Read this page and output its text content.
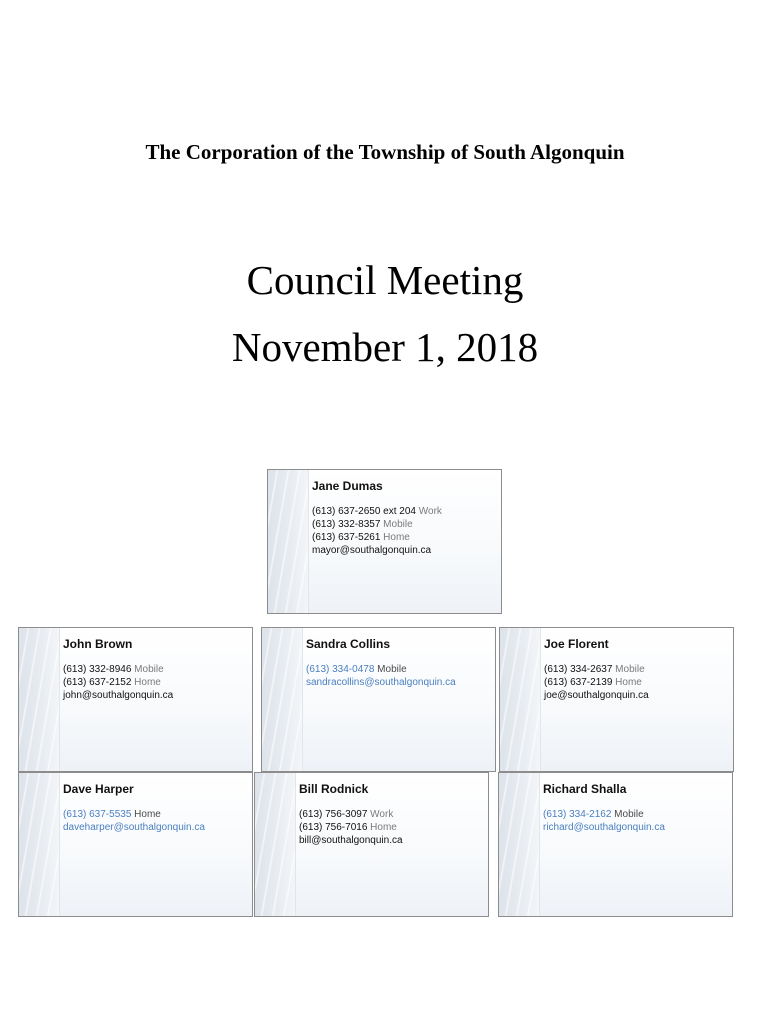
The Corporation of the Township of South Algonquin
Council Meeting
November 1, 2018
Jane Dumas
(613) 637-2650 ext 204 Work
(613) 332-8357 Mobile
(613) 637-5261 Home
mayor@southalgonquin.ca
John Brown
(613) 332-8946 Mobile
(613) 637-2152 Home
john@southalgonquin.ca
Sandra Collins
(613) 334-0478 Mobile
sandracollins@southalgonquin.ca
Joe Florent
(613) 334-2637 Mobile
(613) 637-2139 Home
joe@southalgonquin.ca
Dave Harper
(613) 637-5535 Home
daveharper@southalgonquin.ca
Bill Rodnick
(613) 756-3097 Work
(613) 756-7016 Home
bill@southalgonquin.ca
Richard Shalla
(613) 334-2162 Mobile
richard@southalgonquin.ca
